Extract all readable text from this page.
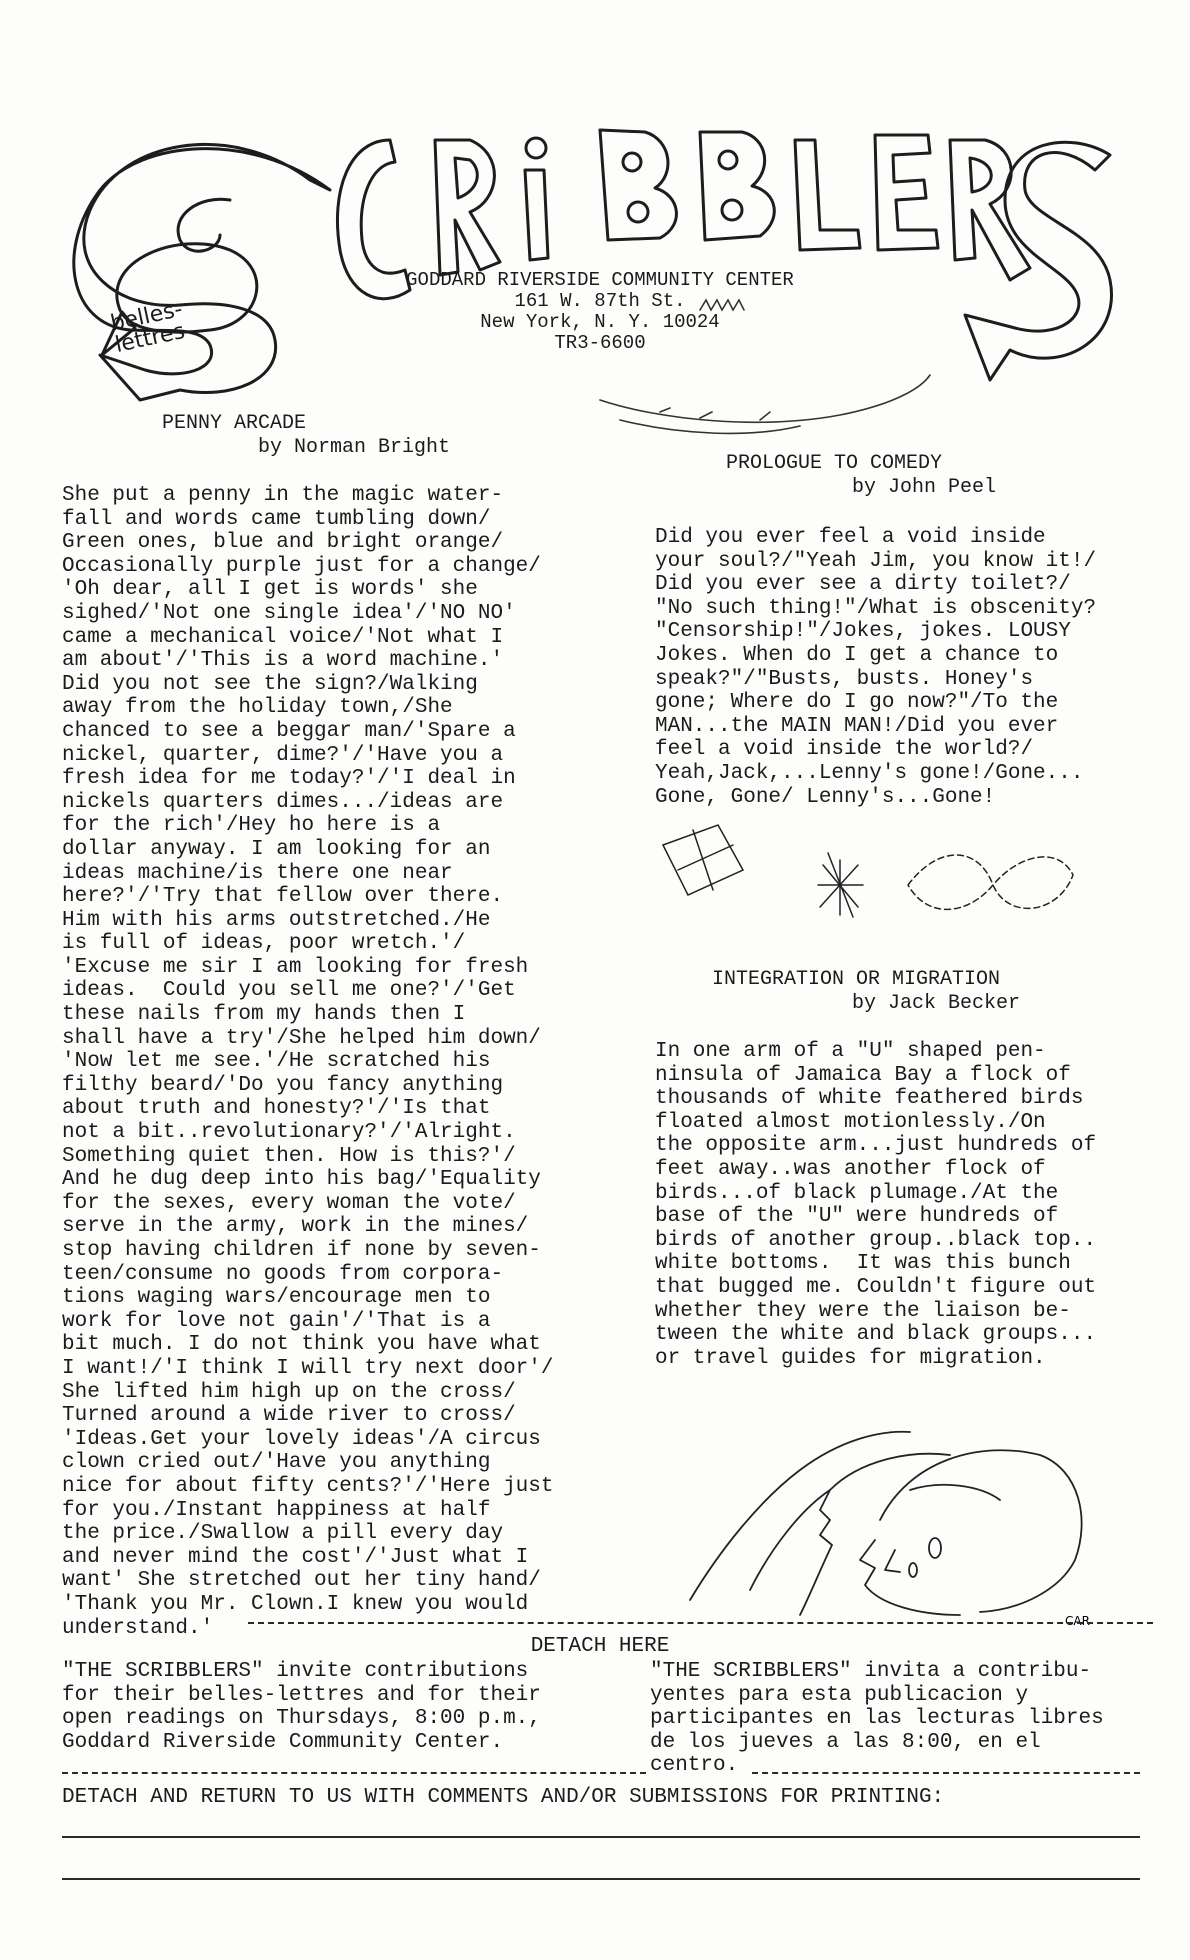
belles-lettres
GODDARD RIVERSIDE COMMUNITY CENTER
161 W. 87th St.
New York, N. Y. 10024
TR3-6600
PENNY ARCADE
by Norman Bright
She put a penny in the magic water-
fall and words came tumbling down/
Green ones, blue and bright orange/
Occasionally purple just for a change/
'Oh dear, all I get is words' she
sighed/'Not one single idea'/'NO NO'
came a mechanical voice/'Not what I
am about'/'This is a word machine.'
Did you not see the sign?/Walking
away from the holiday town,/She
chanced to see a beggar man/'Spare a
nickel, quarter, dime?'/'Have you a
fresh idea for me today?'/'I deal in
nickels quarters dimes.../ideas are
for the rich'/Hey ho here is a
dollar anyway. I am looking for an
ideas machine/is there one near
here?'/'Try that fellow over there.
Him with his arms outstretched./He
is full of ideas, poor wretch.'/
'Excuse me sir I am looking for fresh
ideas.  Could you sell me one?'/'Get
these nails from my hands then I
shall have a try'/She helped him down/
'Now let me see.'/He scratched his
filthy beard/'Do you fancy anything
about truth and honesty?'/'Is that
not a bit..revolutionary?'/'Alright.
Something quiet then. How is this?'/
And he dug deep into his bag/'Equality
for the sexes, every woman the vote/
serve in the army, work in the mines/
stop having children if none by seven-
teen/consume no goods from corpora-
tions waging wars/encourage men to
work for love not gain'/'That is a
bit much. I do not think you have what
I want!/'I think I will try next door'/
She lifted him high up on the cross/
Turned around a wide river to cross/
'Ideas.Get your lovely ideas'/A circus
clown cried out/'Have you anything
nice for about fifty cents?'/'Here just
for you./Instant happiness at half
the price./Swallow a pill every day
and never mind the cost'/'Just what I
want' She stretched out her tiny hand/
'Thank you Mr. Clown.I knew you would
understand.'
PROLOGUE TO COMEDY
by John Peel
Did you ever feel a void inside
your soul?/"Yeah Jim, you know it!/
Did you ever see a dirty toilet?/
"No such thing!"/What is obscenity?
"Censorship!"/Jokes, jokes. LOUSY
Jokes. When do I get a chance to
speak?"/"Busts, busts. Honey's
gone; Where do I go now?"/To the
MAN...the MAIN MAN!/Did you ever
feel a void inside the world?/
Yeah,Jack,...Lenny's gone!/Gone...
Gone, Gone/ Lenny's...Gone!
INTEGRATION OR MIGRATION
by Jack Becker
In one arm of a "U" shaped pen-
ninsula of Jamaica Bay a flock of
thousands of white feathered birds
floated almost motionlessly./On
the opposite arm...just hundreds of
feet away..was another flock of
birds...of black plumage./At the
base of the "U" were hundreds of
birds of another group..black top..
white bottoms.  It was this bunch
that bugged me. Couldn't figure out
whether they were the liaison be-
tween the white and black groups...
or travel guides for migration.
CAR
DETACH HERE
"THE SCRIBBLERS" invite contributions
for their belles-lettres and for their
open readings on Thursdays, 8:00 p.m.,
Goddard Riverside Community Center.
"THE SCRIBBLERS" invita a contribu-
yentes para esta publicacion y
participantes en las lecturas libres
de los jueves a las 8:00, en el
centro.
DETACH AND RETURN TO US WITH COMMENTS AND/OR SUBMISSIONS FOR PRINTING:
